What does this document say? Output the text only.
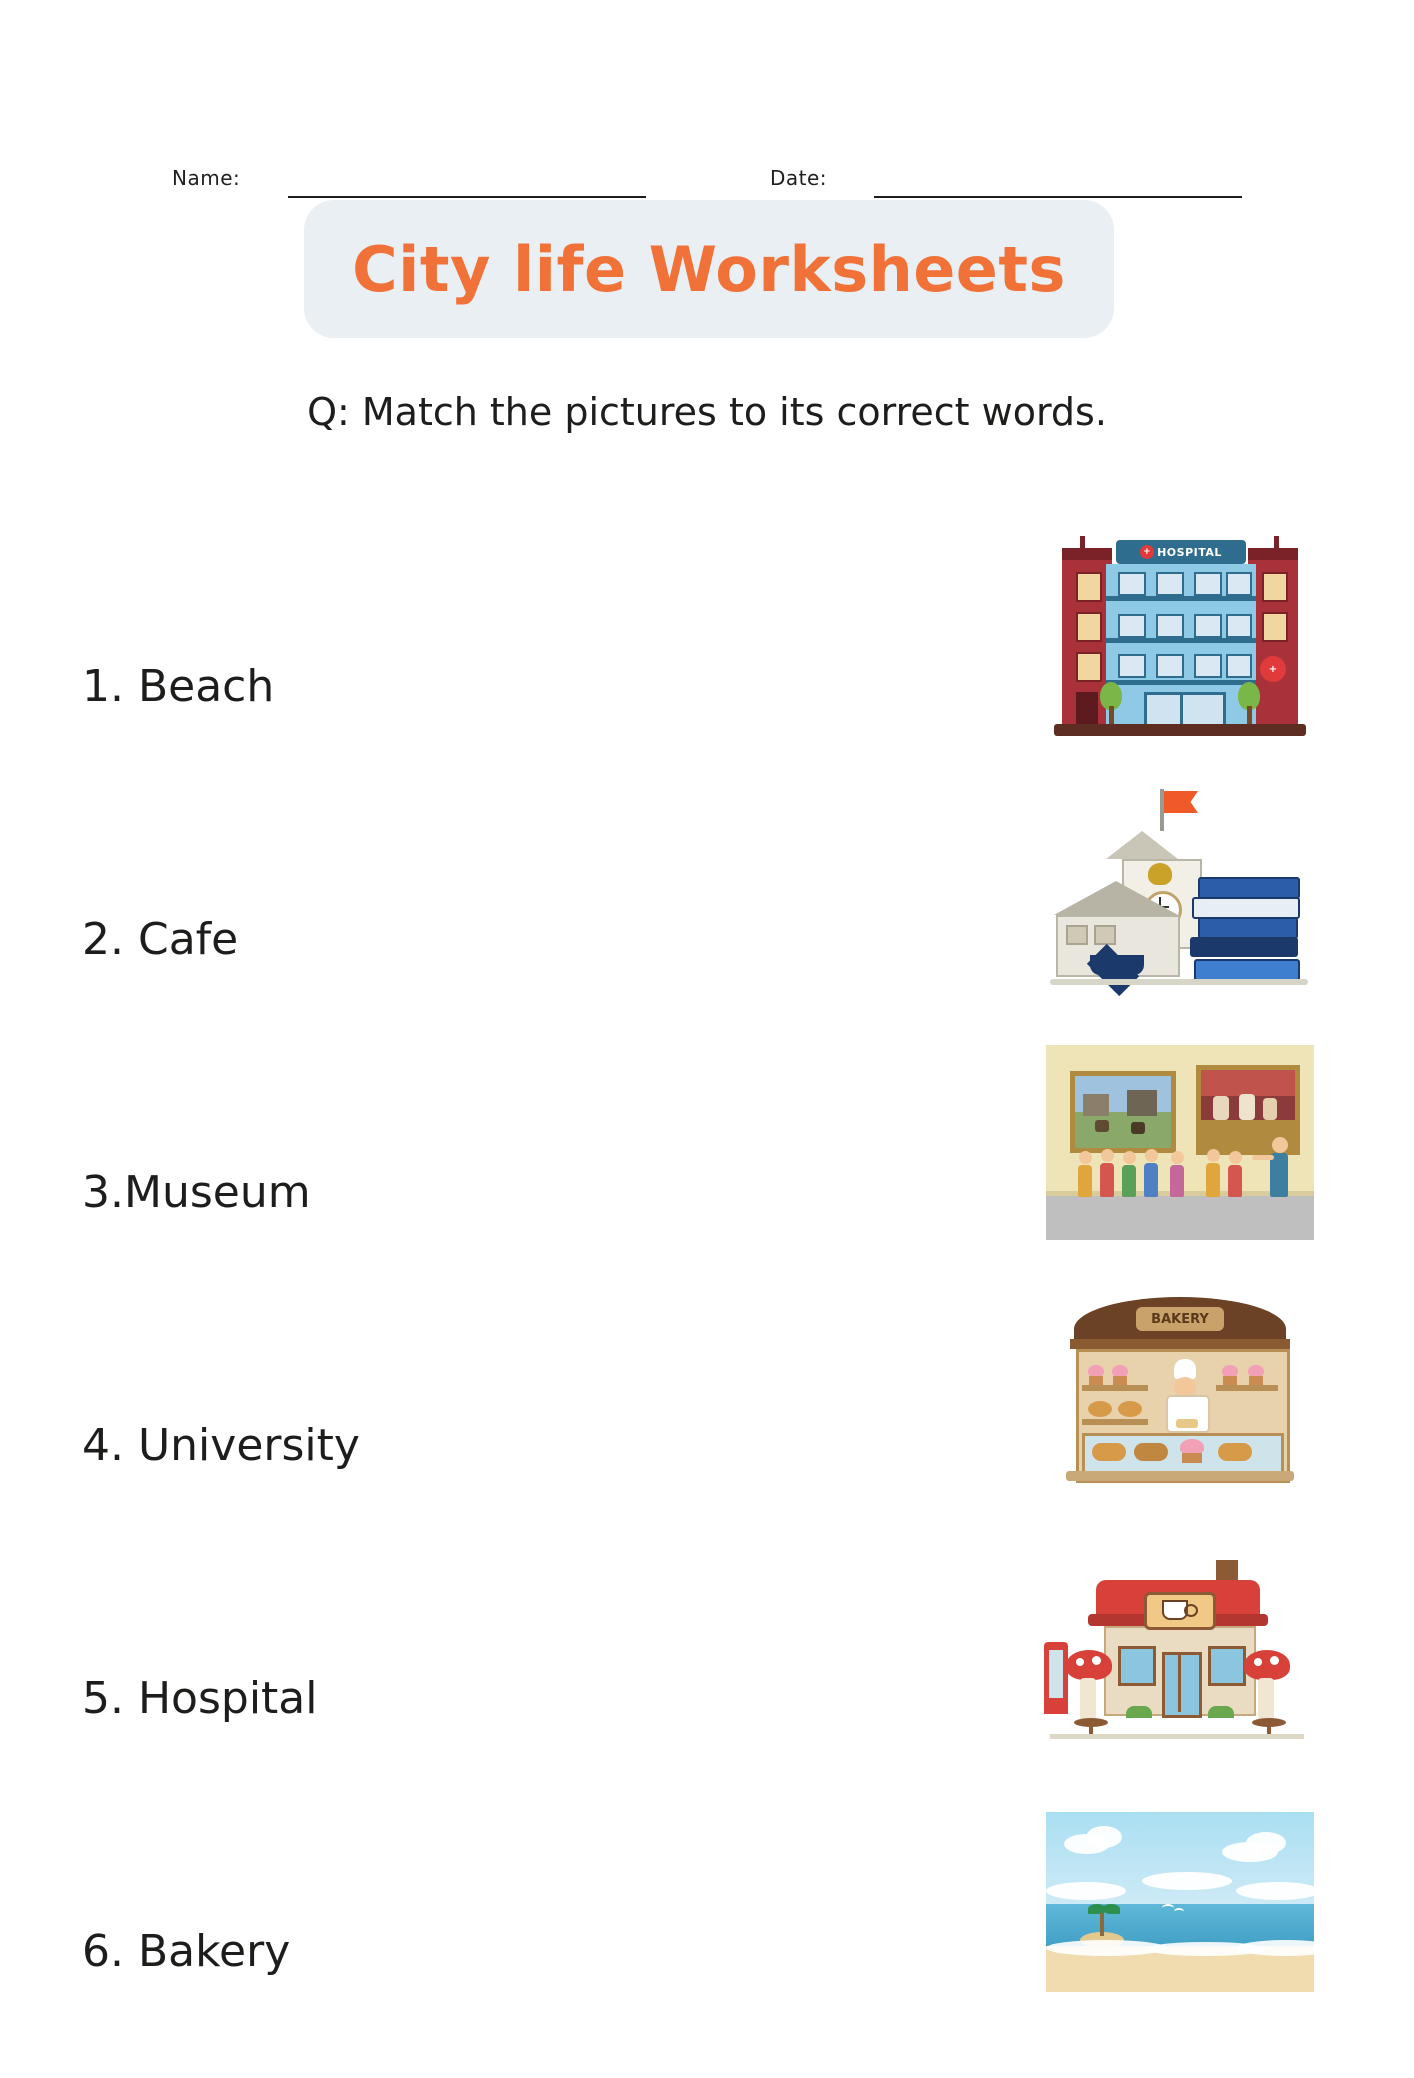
Name:	Date:
City life Worksheets
Q: Match the pictures to its correct words.
1. Beach
2. Cafe
3.Museum
4. University
5. Hospital
6. Bakery
+
+ HOSPITAL
BAKERY
